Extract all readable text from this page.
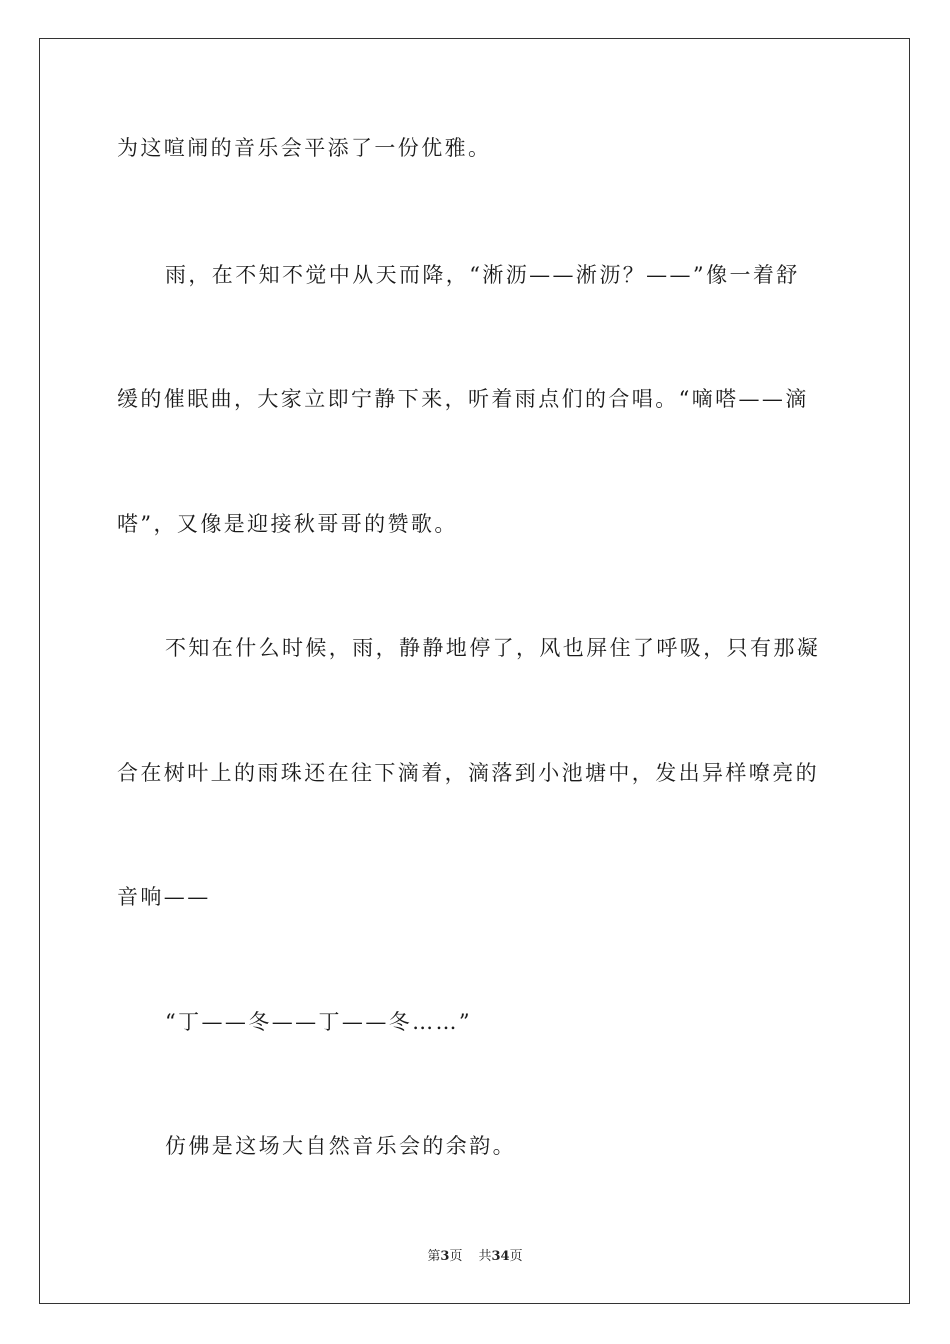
为这喧闹的音乐会平添了一份优雅。
雨，在不知不觉中从天而降，“淅沥——淅沥？——”像一着舒
缓的催眠曲，大家立即宁静下来，听着雨点们的合唱。“嘀嗒——滴
嗒”，又像是迎接秋哥哥的赞歌。
不知在什么时候，雨，静静地停了，风也屏住了呼吸，只有那凝
合在树叶上的雨珠还在往下滴着，滴落到小池塘中，发出异样嘹亮的
音响——
“丁——冬——丁——冬……”
仿佛是这场大自然音乐会的余韵。
第3页 共34页
